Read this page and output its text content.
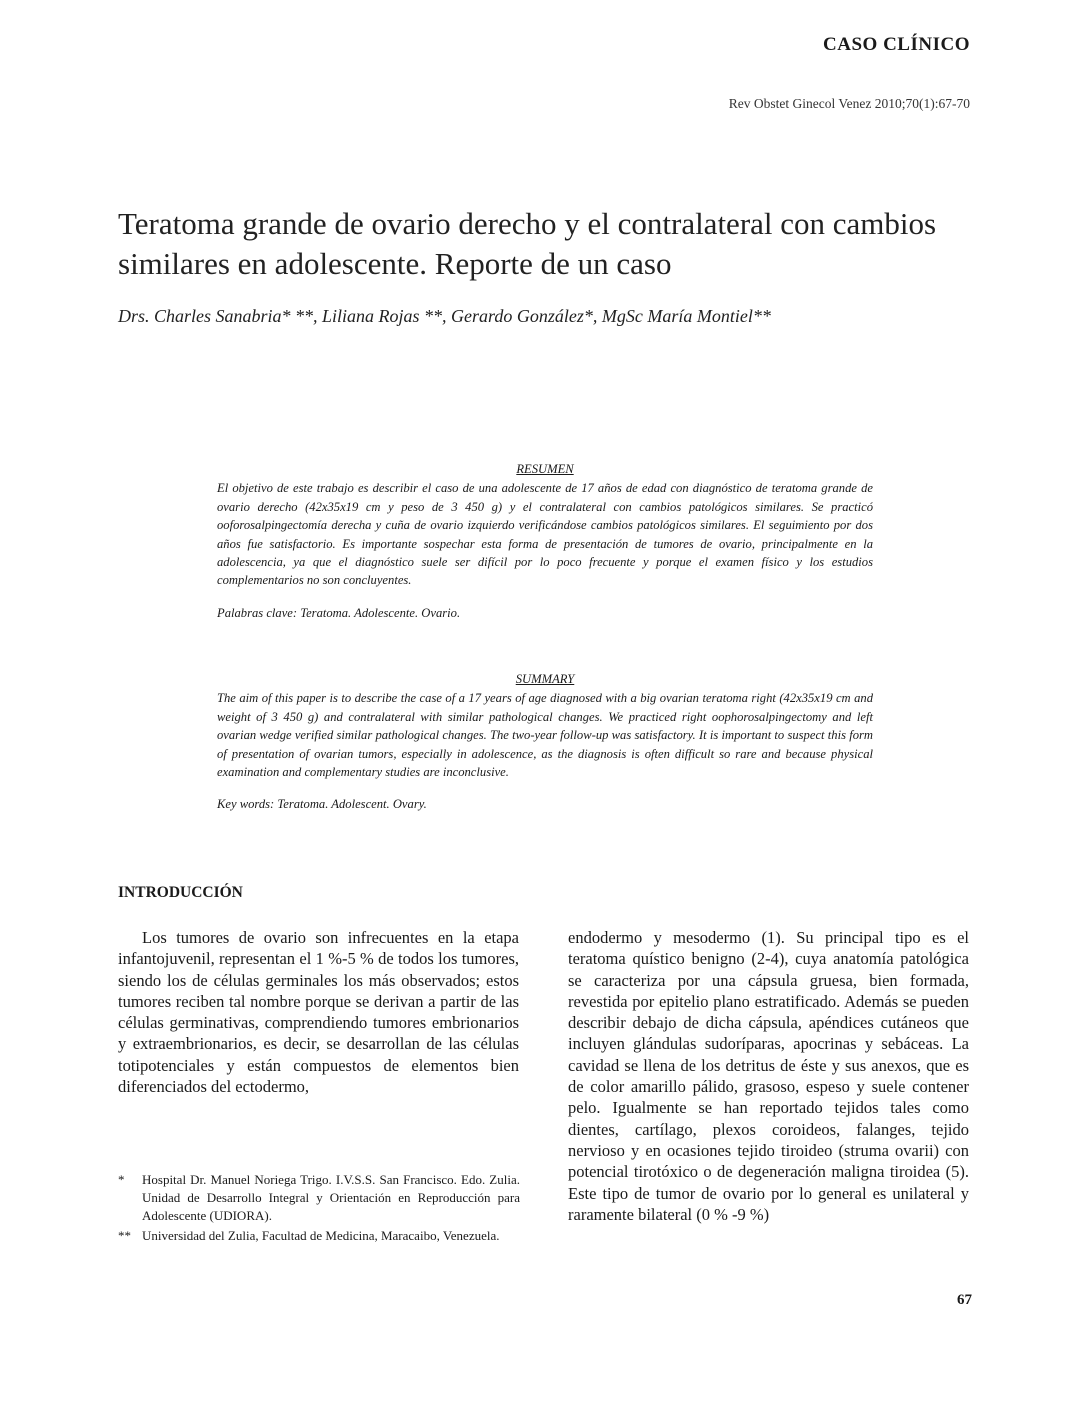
CASO CLÍNICO
Rev Obstet Ginecol Venez 2010;70(1):67-70
Teratoma grande de ovario derecho y el contralateral con cambios similares en adolescente. Reporte de un caso
Drs. Charles Sanabria* **, Liliana Rojas **, Gerardo González*, MgSc María Montiel**
RESUMEN

El objetivo de este trabajo es describir el caso de una adolescente de 17 años de edad con diagnóstico de teratoma grande de ovario derecho (42x35x19 cm y peso de 3 450 g) y el contralateral con cambios patológicos similares. Se practicó ooforosalpingectomía derecha y cuña de ovario izquierdo verificándose cambios patológicos similares. El seguimiento por dos años fue satisfactorio. Es importante sospechar esta forma de presentación de tumores de ovario, principalmente en la adolescencia, ya que el diagnóstico suele ser difícil por lo poco frecuente y porque el examen físico y los estudios complementarios no son concluyentes.

Palabras clave: Teratoma. Adolescente. Ovario.
SUMMARY

The aim of this paper is to describe the case of a 17 years of age diagnosed with a big ovarian teratoma right (42x35x19 cm and weight of 3 450 g) and contralateral with similar pathological changes. We practiced right oophorosalpingectomy and left ovarian wedge verified similar pathological changes. The two-year follow-up was satisfactory. It is important to suspect this form of presentation of ovarian tumors, especially in adolescence, as the diagnosis is often difficult so rare and because physical examination and complementary studies are inconclusive.

Key words: Teratoma. Adolescent. Ovary.
INTRODUCCIÓN
Los tumores de ovario son infrecuentes en la etapa infantojuvenil, representan el 1 %-5 % de todos los tumores, siendo los de células germinales los más observados; estos tumores reciben tal nombre porque se derivan a partir de las células germinativas, comprendiendo tumores embrionarios y extraembrionarios, es decir, se desarrollan de las células totipotenciales y están compuestos de elementos bien diferenciados del ectodermo,
endodermo y mesodermo (1). Su principal tipo es el teratoma quístico benigno (2-4), cuya anatomía patológica se caracteriza por una cápsula gruesa, bien formada, revestida por epitelio plano estratificado. Además se pueden describir debajo de dicha cápsula, apéndices cutáneos que incluyen glándulas sudoríparas, apocrinas y sebáceas. La cavidad se llena de los detritus de éste y sus anexos, que es de color amarillo pálido, grasoso, espeso y suele contener pelo. Igualmente se han reportado tejidos tales como dientes, cartílago, plexos coroideos, falanges, tejido nervioso y en ocasiones tejido tiroideo (struma ovarii) con potencial tirotóxico o de degeneración maligna tiroidea (5). Este tipo de tumor de ovario por lo general es unilateral y raramente bilateral (0 % -9 %)
*	Hospital Dr. Manuel Noriega Trigo. I.V.S.S. San Francisco. Edo. Zulia. Unidad de Desarrollo Integral y Orientación en Reproducción para Adolescente (UDIORA).
** Universidad del Zulia, Facultad de Medicina, Maracaibo, Venezuela.
67
